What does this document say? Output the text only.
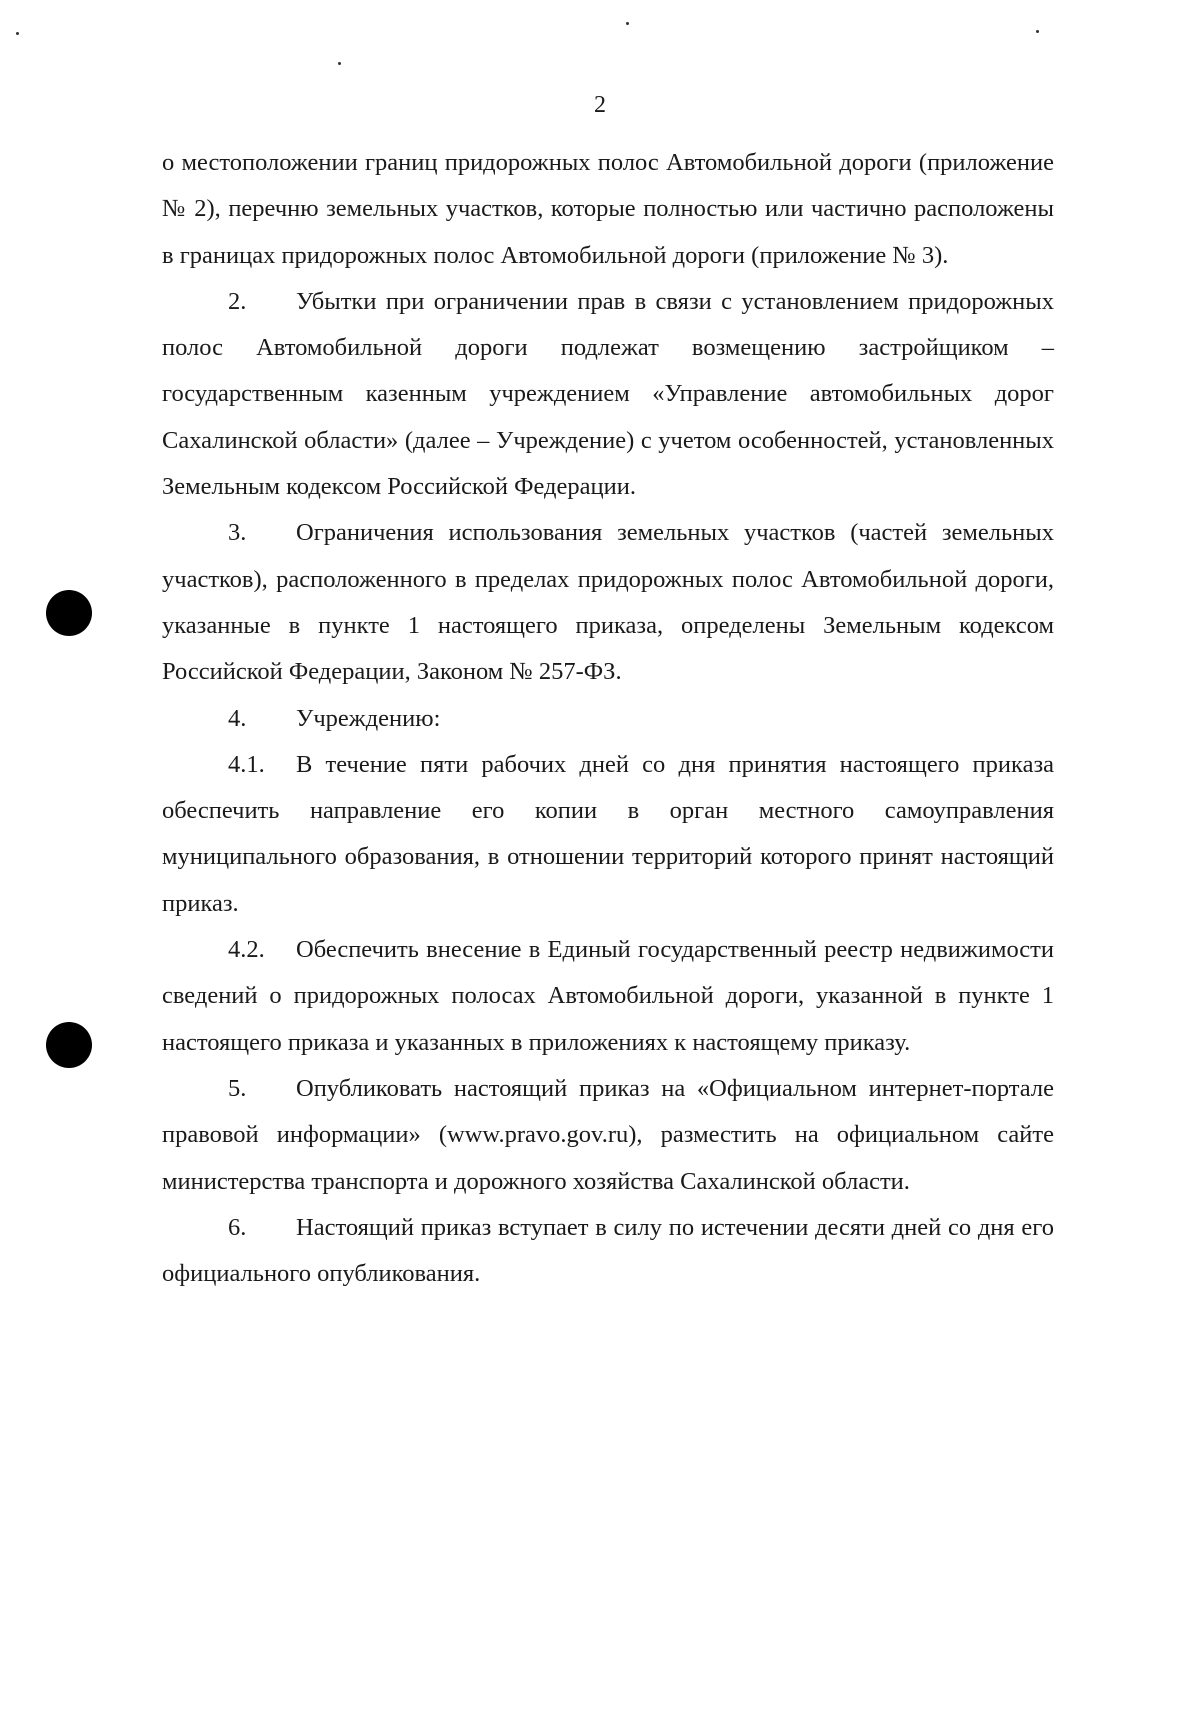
2

о местоположении границ придорожных полос Автомобильной дороги (приложение № 2), перечню земельных участков, которые полностью или частично расположены в границах придорожных полос Автомобильной дороги (приложение № 3).

2. Убытки при ограничении прав в связи с установлением придорожных полос Автомобильной дороги подлежат возмещению застройщиком – государственным казенным учреждением «Управление автомобильных дорог Сахалинской области» (далее – Учреждение) с учетом особенностей, установленных Земельным кодексом Российской Федерации.

3. Ограничения использования земельных участков (частей земельных участков), расположенного в пределах придорожных полос Автомобильной дороги, указанные в пункте 1 настоящего приказа, определены Земельным кодексом Российской Федерации, Законом № 257-ФЗ.

4. Учреждению:

4.1. В течение пяти рабочих дней со дня принятия настоящего приказа обеспечить направление его копии в орган местного самоуправления муниципального образования, в отношении территорий которого принят настоящий приказ.

4.2. Обеспечить внесение в Единый государственный реестр недвижимости сведений о придорожных полосах Автомобильной дороги, указанной в пункте 1 настоящего приказа и указанных в приложениях к настоящему приказу.

5. Опубликовать настоящий приказ на «Официальном интернет-портале правовой информации» (www.pravo.gov.ru), разместить на официальном сайте министерства транспорта и дорожного хозяйства Сахалинской области.

6. Настоящий приказ вступает в силу по истечении десяти дней со дня его официального опубликования.
